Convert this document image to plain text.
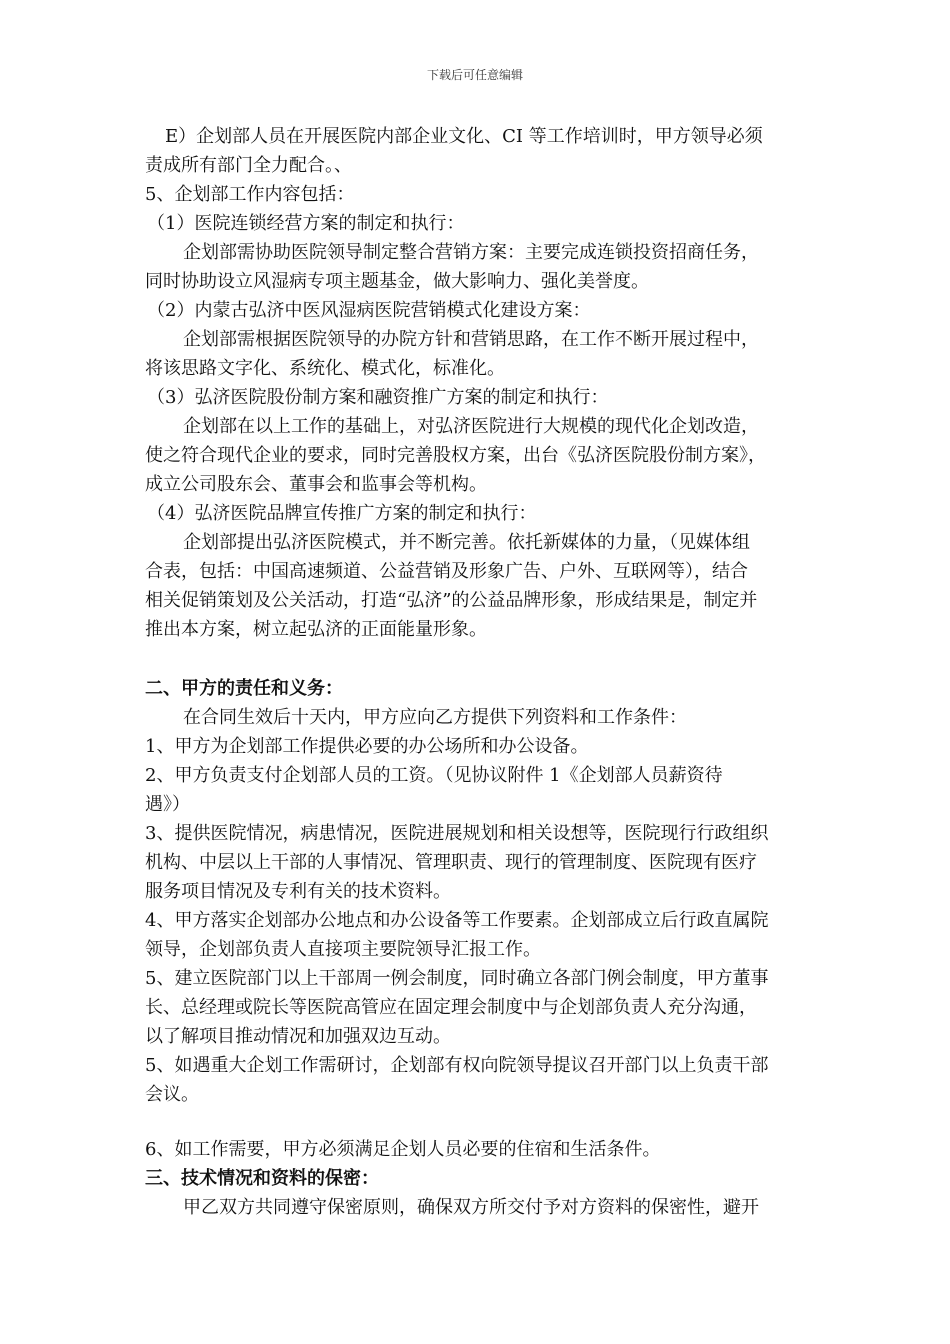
下载后可任意编辑

E）企划部人员在开展医院内部企业文化、CI 等工作培训时，甲方领导必须

责成所有部门全力配合。、

5、企划部工作内容包括：

（1）医院连锁经营方案的制定和执行：

企划部需协助医院领导制定整合营销方案：主要完成连锁投资招商任务，

同时协助设立风湿病专项主题基金，做大影响力、强化美誉度。

（2）内蒙古弘济中医风湿病医院营销模式化建设方案：

企划部需根据医院领导的办院方针和营销思路，在工作不断开展过程中，

将该思路文字化、系统化、模式化，标准化。

（3）弘济医院股份制方案和融资推广方案的制定和执行：

企划部在以上工作的基础上，对弘济医院进行大规模的现代化企划改造，

使之符合现代企业的要求，同时完善股权方案，出台《弘济医院股份制方案》，

成立公司股东会、董事会和监事会等机构。

（4）弘济医院品牌宣传推广方案的制定和执行：

企划部提出弘济医院模式，并不断完善。依托新媒体的力量，（见媒体组

合表，包括：中国高速频道、公益营销及形象广告、户外、互联网等），结合

相关促销策划及公关活动，打造“弘济”的公益品牌形象，形成结果是，制定并

推出本方案，树立起弘济的正面能量形象。

二、甲方的责任和义务：

在合同生效后十天内，甲方应向乙方提供下列资料和工作条件：

1、甲方为企划部工作提供必要的办公场所和办公设备。

2、甲方负责支付企划部人员的工资。（见协议附件 1《企划部人员薪资待

遇》）

3、提供医院情况，病患情况，医院进展规划和相关设想等，医院现行行政组织

机构、中层以上干部的人事情况、管理职责、现行的管理制度、医院现有医疗

服务项目情况及专利有关的技术资料。

4、甲方落实企划部办公地点和办公设备等工作要素。企划部成立后行政直属院

领导，企划部负责人直接项主要院领导汇报工作。

5、建立医院部门以上干部周一例会制度，同时确立各部门例会制度，甲方董事

长、总经理或院长等医院高管应在固定理会制度中与企划部负责人充分沟通，

以了解项目推动情况和加强双边互动。

5、如遇重大企划工作需研讨，企划部有权向院领导提议召开部门以上负责干部

会议。

6、如工作需要，甲方必须满足企划人员必要的住宿和生活条件。

三、技术情况和资料的保密：

甲乙双方共同遵守保密原则，确保双方所交付予对方资料的保密性，避开
